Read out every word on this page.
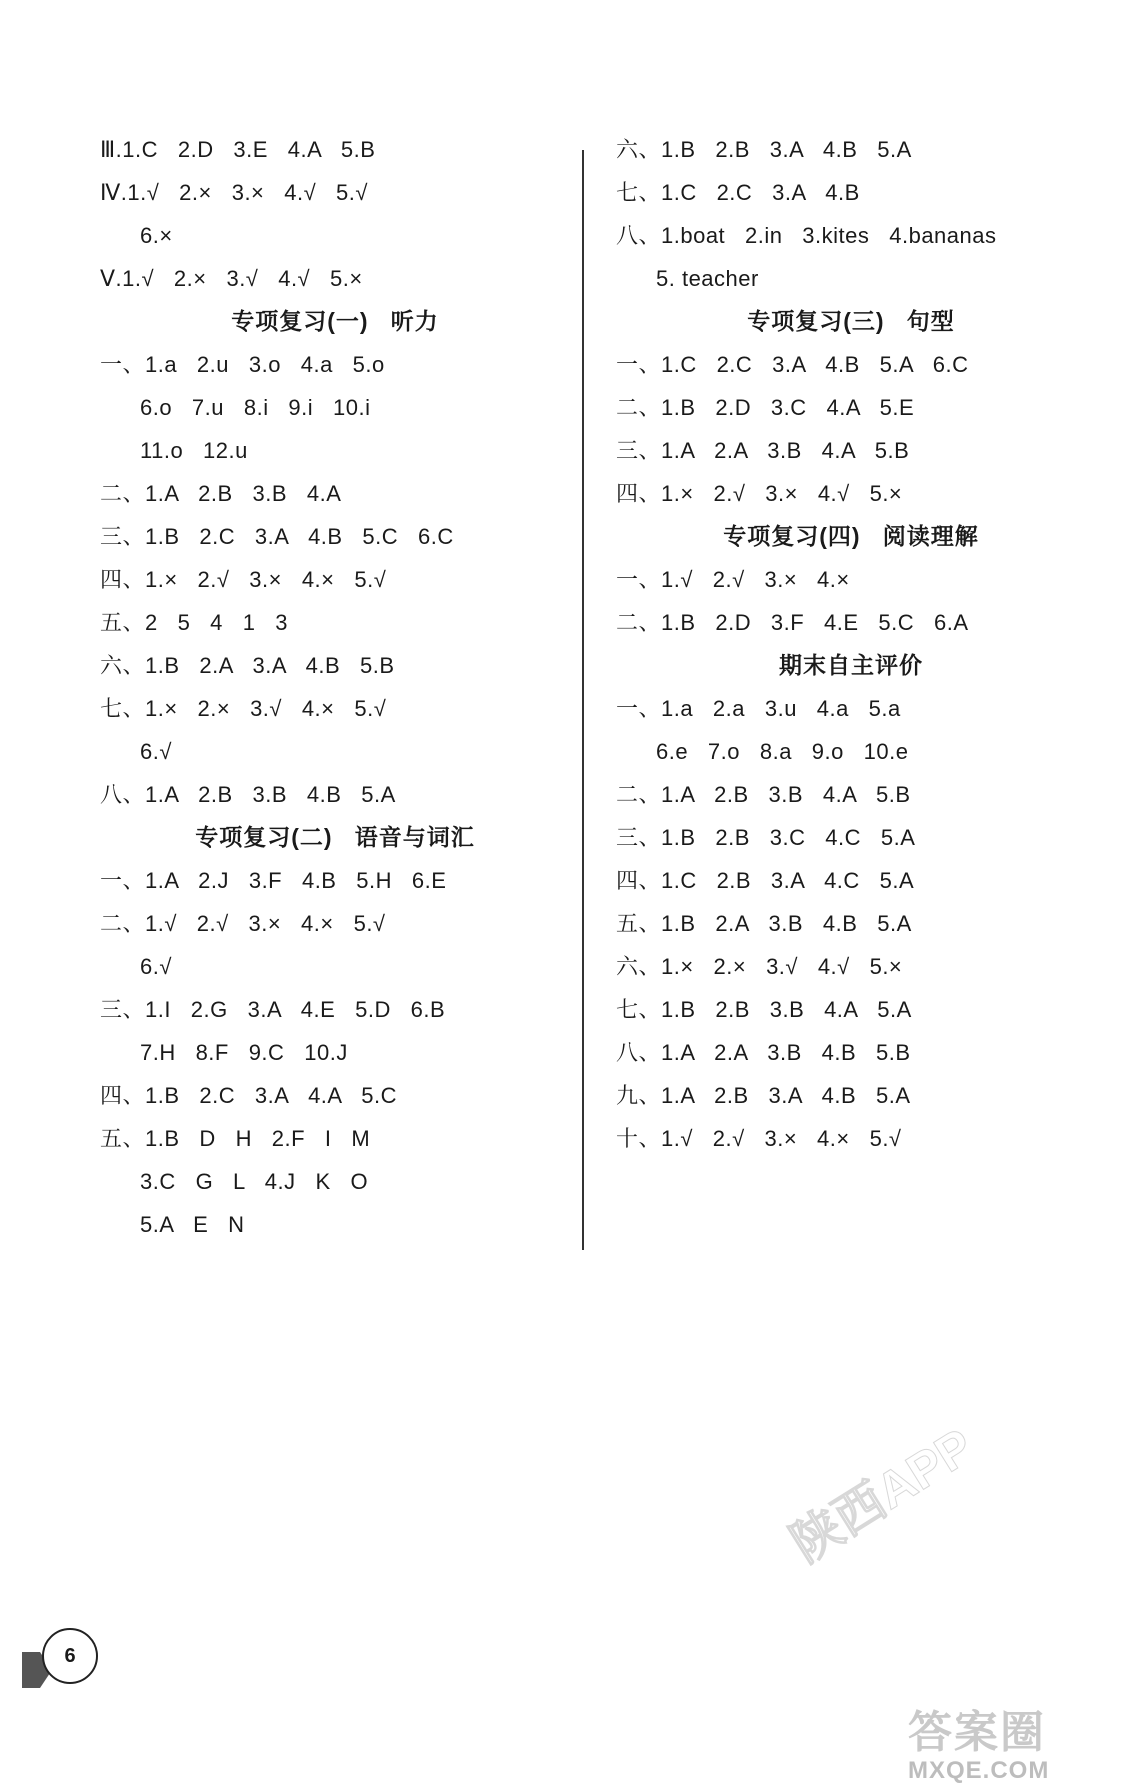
Ⅲ.1.C   2.D   3.E   4.A   5.B
Ⅳ.1.√   2.×   3.×   4.√   5.√
6.×
Ⅴ.1.√   2.×   3.√   4.√   5.×
专项复习(一)   听力
一、1.a   2.u   3.o   4.a   5.o
6.o   7.u   8.i   9.i   10.i
11.o   12.u
二、1.A   2.B   3.B   4.A
三、1.B   2.C   3.A   4.B   5.C   6.C
四、1.×   2.√   3.×   4.×   5.√
五、2   5   4   1   3
六、1.B   2.A   3.A   4.B   5.B
七、1.×   2.×   3.√   4.×   5.√
6.√
八、1.A   2.B   3.B   4.B   5.A
专项复习(二)   语音与词汇
一、1.A   2.J   3.F   4.B   5.H   6.E
二、1.√   2.√   3.×   4.×   5.√
6.√
三、1.I   2.G   3.A   4.E   5.D   6.B
7.H   8.F   9.C   10.J
四、1.B   2.C   3.A   4.A   5.C
五、1.B   D   H   2.F   I   M
3.C   G   L   4.J   K   O
5.A   E   N
六、1.B   2.B   3.A   4.B   5.A
七、1.C   2.C   3.A   4.B
八、1.boat   2.in   3.kites   4.bananas
5. teacher
专项复习(三)   句型
一、1.C   2.C   3.A   4.B   5.A   6.C
二、1.B   2.D   3.C   4.A   5.E
三、1.A   2.A   3.B   4.A   5.B
四、1.×   2.√   3.×   4.√   5.×
专项复习(四)   阅读理解
一、1.√   2.√   3.×   4.×
二、1.B   2.D   3.F   4.E   5.C   6.A
期末自主评价
一、1.a   2.a   3.u   4.a   5.a
6.e   7.o   8.a   9.o   10.e
二、1.A   2.B   3.B   4.A   5.B
三、1.B   2.B   3.C   4.C   5.A
四、1.C   2.B   3.A   4.C   5.A
五、1.B   2.A   3.B   4.B   5.A
六、1.×   2.×   3.√   4.√   5.×
七、1.B   2.B   3.B   4.A   5.A
八、1.A   2.A   3.B   4.B   5.B
九、1.A   2.B   3.A   4.B   5.A
十、1.√   2.√   3.×   4.×   5.√
6
陕西APP
答案圈
MXQE.COM
